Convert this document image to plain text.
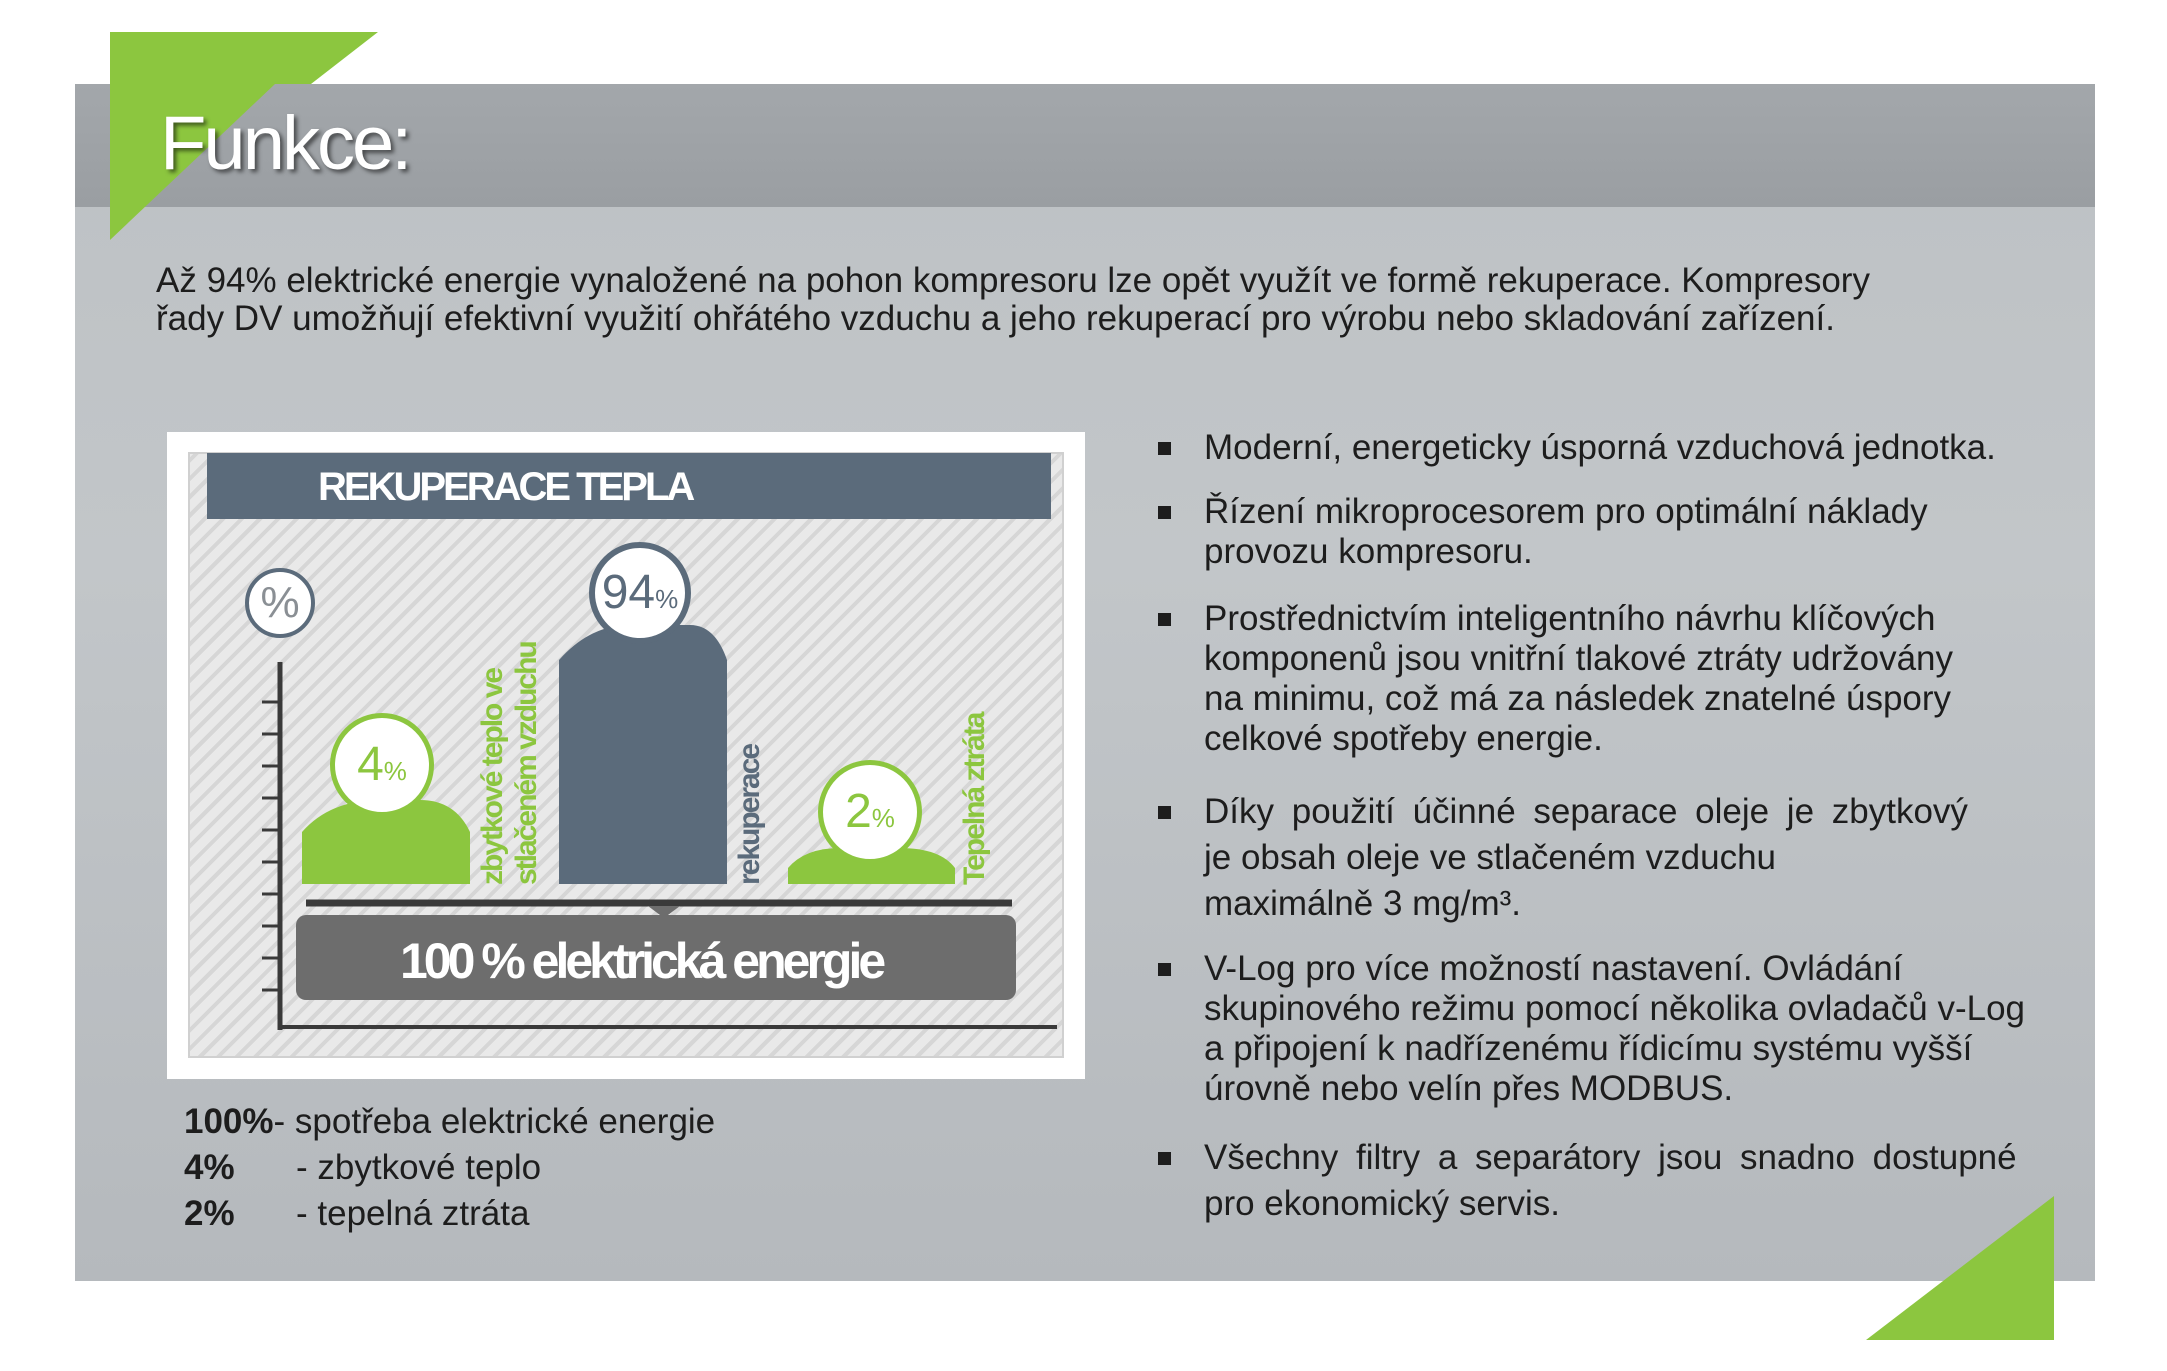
Funkce:

Až 94% elektrické energie vynaložené na pohon kompresoru lze opět využít ve formě rekuperace. Kompresory

řady DV umožňují efektivní využití ohřátého vzduchu a jeho rekuperací pro výrobu nebo skladování zařízení.

REKUPERACE TEPLA
%
4%
94%
2%
zbytkové teplo ve stlačeném vzduchu	rekuperace	Tepelná ztráta
100 % elektrická energie
100%- spotřeba elektrické energie
4% - zbytkové teplo
2% - tepelná ztráta
Moderní, energeticky úsporná vzduchová jednotka.
Řízení mikroprocesorem pro optimální náklady
provozu kompresoru.
Prostřednictvím inteligentního návrhu klíčových
komponenů jsou vnitřní tlakové ztráty udržovány
na minimu, což má za následek znatelné úspory
celkové spotřeby energie.
Díky použití účinné separace oleje je zbytkový
je obsah oleje ve stlačeném vzduchu
maximálně 3 mg/m³.
V-Log pro více možností nastavení. Ovládání
skupinového režimu pomocí několika ovladačů v-Log
a připojení k nadřízenému řídicímu systému vyšší
úrovně nebo velín přes MODBUS.
Všechny filtry a separátory jsou snadno dostupné
pro ekonomický servis.
